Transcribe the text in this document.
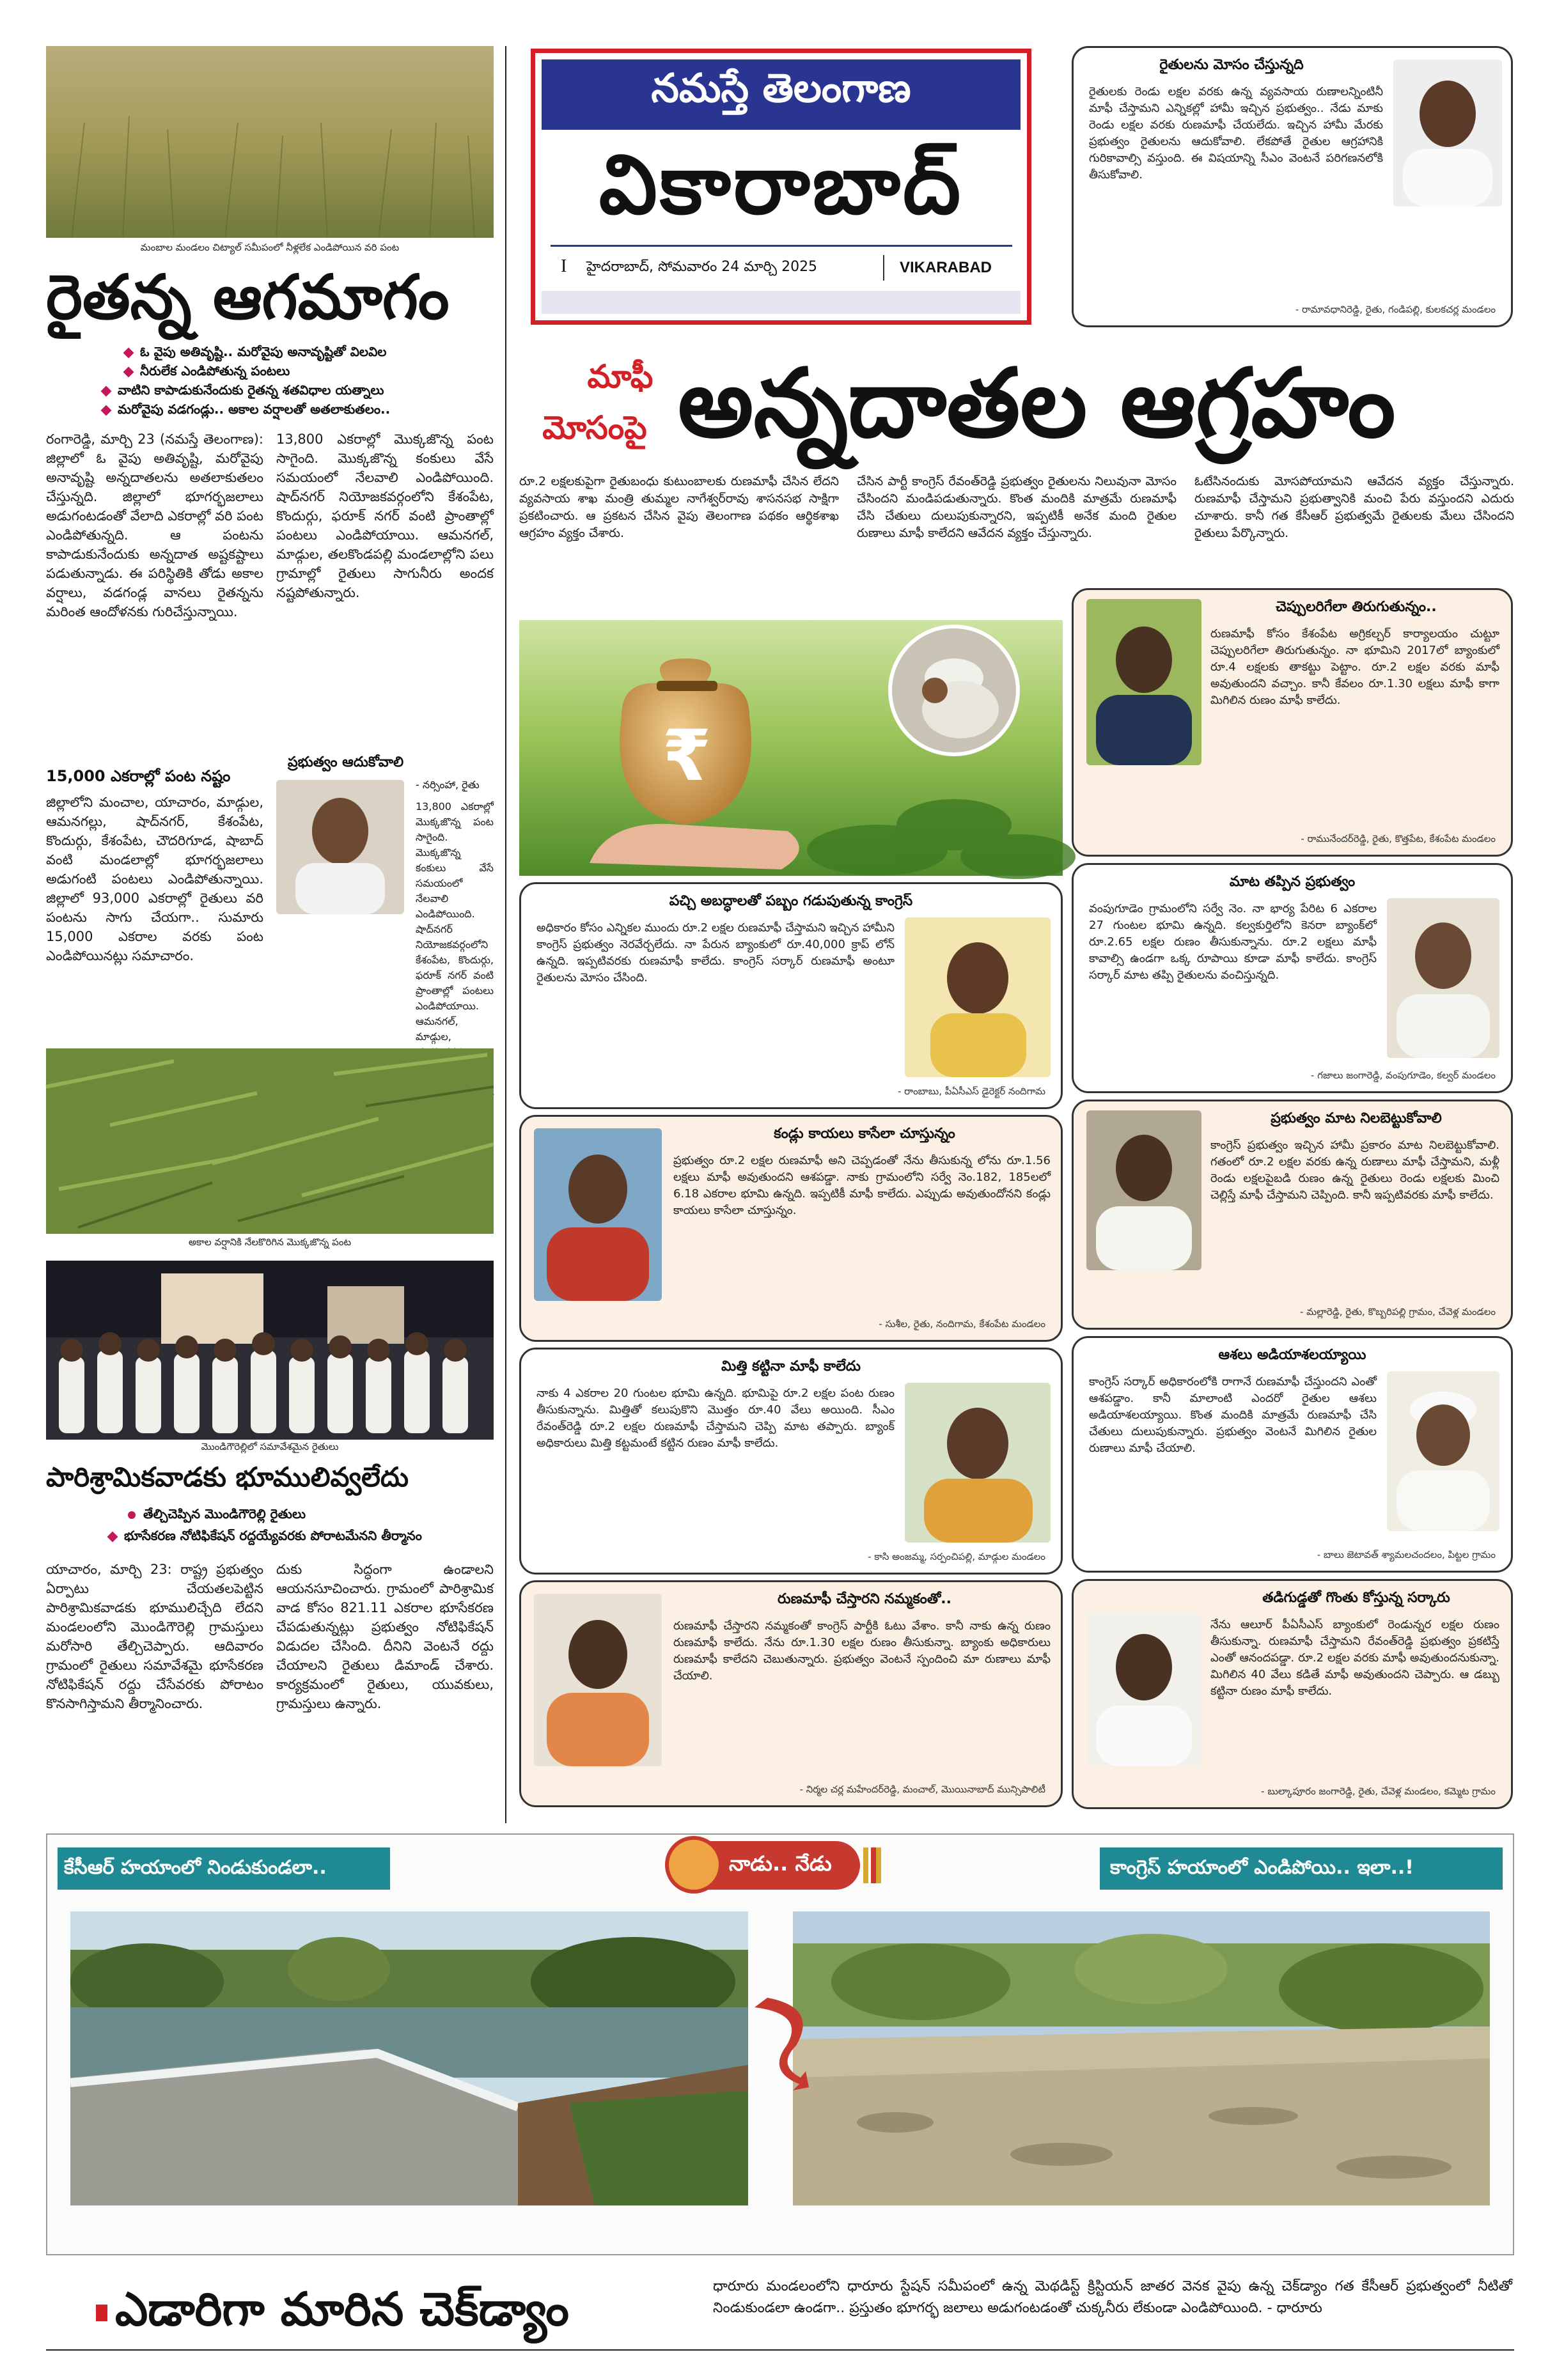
మంబాల మండలం చిట్యాల్ సమీపంలో నీళ్లలేక ఎండిపోయిన వరి పంట
రైతన్న ఆగమాగం
ఓ వైపు అతివృష్టి.. మరోవైపు అనావృష్టితో విలవిల
నీరులేక ఎండిపోతున్న పంటలు
వాటిని కాపాడుకునేందుకు రైతన్న శతవిధాల యత్నాలు
మరోవైపు వడగండ్లు.. అకాల వర్షాలతో అతలాకుతలం..
రంగారెడ్డి, మార్చి 23 (నమస్తే తెలంగాణ): జిల్లాలో ఓ వైపు అతివృష్టి, మరోవైపు అనావృష్టి అన్నదాతలను అతలాకుతలం చేస్తున్నది. జిల్లాలో భూగర్భజలాలు అడుగంటడంతో వేలాది ఎకరాల్లో వరి పంట ఎండిపోతున్నది. ఆ పంటను కాపాడుకునేందుకు అన్నదాత అష్టకష్టాలు పడుతున్నాడు. ఈ పరిస్థితికి తోడు అకాల వర్షాలు, వడగండ్ల వానలు రైతన్నను మరింత ఆందోళనకు గురిచేస్తున్నాయి.
15,000 ఎకరాల్లో పంట నష్టం
జిల్లాలోని మంచాల, యాచారం, మాడ్గుల, ఆమనగల్లు, షాద్‌నగర్, కేశంపేట, కొందుర్గు, కేశంపేట, చౌదరిగూడ, షాబాద్ వంటి మండలాల్లో భూగర్భజలాలు అడుగంటి పంటలు ఎండిపోతున్నాయి. జిల్లాలో 93,000 ఎకరాల్లో రైతులు వరి పంటను సాగు చేయగా.. సుమారు 15,000 ఎకరాల వరకు పంట ఎండిపోయినట్లు సమాచారం.
13,800 ఎకరాల్లో మొక్కజొన్న పంట సాగైంది. మొక్కజొన్న కంకులు వేసే సమయంలో నేలవాలి ఎండిపోయింది. షాద్‌నగర్ నియోజకవర్గంలోని కేశంపేట, కొందుర్గు, ఫరూక్ నగర్ వంటి ప్రాంతాల్లో పంటలు ఎండిపోయాయి. ఆమనగల్, మాడ్గుల, తలకొండపల్లి మండలాల్లోని పలు గ్రామాల్లో రైతులు సాగునీరు అందక నష్టపోతున్నారు.
ప్రభుత్వం ఆదుకోవాలి
- నర్సింహా, రైతు
13,800 ఎకరాల్లో మొక్కజొన్న పంట సాగైంది. మొక్కజొన్న కంకులు వేసే సమయంలో నేలవాలి ఎండిపోయింది. షాద్‌నగర్ నియోజకవర్గంలోని కేశంపేట, కొందుర్గు, ఫరూక్ నగర్ వంటి ప్రాంతాల్లో పంటలు ఎండిపోయాయి. ఆమనగల్, మాడ్గుల,
అకాల వర్షానికి నేలకొరిగిన మొక్కజొన్న పంట
మొండిగౌరెల్లిలో సమావేశమైన రైతులు
పారిశ్రామికవాడకు భూములివ్వలేదు
తేల్చిచెప్పిన మొండిగౌరెల్లి రైతులు
భూసేకరణ నోటిఫికేషన్ రద్దయ్యేవరకు పోరాటమేనని తీర్మానం
యాచారం, మార్చి 23: రాష్ట్ర ప్రభుత్వం ఏర్పాటు చేయతలపెట్టిన పారిశ్రామికవాడకు భూములిచ్చేది లేదని మండలంలోని మొండిగౌరెల్లి గ్రామస్తులు మరోసారి తేల్చిచెప్పారు. ఆదివారం గ్రామంలో రైతులు సమావేశమై భూసేకరణ నోటిఫికేషన్ రద్దు చేసేవరకు పోరాటం కొనసాగిస్తామని తీర్మానించారు.
దుకు సిద్ధంగా ఉండాలని ఆయనసూచించారు. గ్రామంలో పారిశ్రామిక వాడ కోసం 821.11 ఎకరాల భూసేకరణ చేపడుతున్నట్లు ప్రభుత్వం నోటిఫికేషన్ విడుదల చేసింది. దీనిని వెంటనే రద్దు చేయాలని రైతులు డిమాండ్ చేశారు. కార్యక్రమంలో రైతులు, యువకులు, గ్రామస్తులు ఉన్నారు.
నమస్తే తెలంగాణ
వికారాబాద్
I హైదరాబాద్, సోమవారం 24 మార్చి 2025	VIKARABAD
మాఫీ
మోసంపై అన్నదాతల ఆగ్రహం
రూ.2 లక్షలకుపైగా రైతుబంధు కుటుంబాలకు రుణమాఫీ చేసిన లేదని వ్యవసాయ శాఖ మంత్రి తుమ్మల నాగేశ్వర్‌రావు శాసనసభ సాక్షిగా ప్రకటించారు. ఆ ప్రకటన చేసిన వైపు తెలంగాణ పథకం ఆర్థికశాఖ ఆగ్రహం వ్యక్తం చేశారు.
చేసిన పార్టీ కాంగ్రెస్ రేవంత్‌రెడ్డి ప్రభుత్వం రైతులను నిలువునా మోసం చేసిందని మండిపడుతున్నారు. కొంత మందికి మాత్రమే రుణమాఫీ చేసి చేతులు దులుపుకున్నారని, ఇప్పటికీ అనేక మంది రైతుల రుణాలు మాఫీ కాలేదని ఆవేదన వ్యక్తం చేస్తున్నారు.
ఓటేసినందుకు మోసపోయామని ఆవేదన వ్యక్తం చేస్తున్నారు. రుణమాఫీ చేస్తామని ప్రభుత్వానికి మంచి పేరు వస్తుందని ఎదురు చూశారు. కానీ గత కేసీఆర్ ప్రభుత్వమే రైతులకు మేలు చేసిందని రైతులు పేర్కొన్నారు.
₹
పచ్చి అబద్ధాలతో పబ్బం గడుపుతున్న కాంగ్రెస్
అధికారం కోసం ఎన్నికల ముందు రూ.2 లక్షల రుణమాఫీ చేస్తామని ఇచ్చిన హామీని కాంగ్రెస్ ప్రభుత్వం నెరవేర్చలేదు. నా పేరున బ్యాంకులో రూ.40,000 క్రాప్ లోన్ ఉన్నది. ఇప్పటివరకు రుణమాఫీ కాలేదు. కాంగ్రెస్ సర్కార్ రుణమాఫీ అంటూ రైతులను మోసం చేసింది.
- రాంబాబు, పీఏసీఎస్ డైరెక్టర్ నందిగామ
కండ్లు కాయలు కాసేలా చూస్తున్నం
ప్రభుత్వం రూ.2 లక్షల రుణమాఫీ అని చెప్పడంతో నేను తీసుకున్న లోను రూ.1.56 లక్షలు మాఫీ అవుతుందని ఆశపడ్డా. నాకు గ్రామంలోని సర్వే నెం.182, 185లలో 6.18 ఎకరాల భూమి ఉన్నది. ఇప్పటికీ మాఫీ కాలేదు. ఎప్పుడు అవుతుందోనని కండ్లు కాయలు కాసేలా చూస్తున్నం.
- సుశీల, రైతు, నందిగామ, కేశంపేట మండలం
మిత్తి కట్టినా మాఫీ కాలేదు
నాకు 4 ఎకరాల 20 గుంటల భూమి ఉన్నది. భూమిపై రూ.2 లక్షల పంట రుణం తీసుకున్నాను. మిత్తితో కలుపుకొని మొత్తం రూ.40 వేలు అయింది. సీఎం రేవంత్‌రెడ్డి రూ.2 లక్షల రుణమాఫీ చేస్తామని చెప్పి మాట తప్పారు. బ్యాంక్ అధికారులు మిత్తి కట్టమంటే కట్టిన రుణం మాఫీ కాలేదు.
- కాసి అంజమ్మ, సర్పంచిపల్లి, మాడ్గుల మండలం
రుణమాఫీ చేస్తారని నమ్మకంతో..
రుణమాఫీ చేస్తారని నమ్మకంతో కాంగ్రెస్ పార్టీకి ఓటు వేశాం. కానీ నాకు ఉన్న రుణం రుణమాఫీ కాలేదు. నేను రూ.1.30 లక్షల రుణం తీసుకున్నా. బ్యాంకు అధికారులు రుణమాఫీ కాలేదని చెబుతున్నారు. ప్రభుత్వం వెంటనే స్పందించి మా రుణాలు మాఫీ చేయాలి.
- నిర్మల చర్ల మహేందర్‌రెడ్డి, మంచాల్, మొయినాబాద్ మున్సిపాలిటీ
రైతులను మోసం చేస్తున్నది
రైతులకు రెండు లక్షల వరకు ఉన్న వ్యవసాయ రుణాలన్నింటినీ మాఫీ చేస్తామని ఎన్నికల్లో హామీ ఇచ్చిన ప్రభుత్వం.. నేడు మాకు రెండు లక్షల వరకు రుణమాఫీ చేయలేదు. ఇచ్చిన హామీ మేరకు ప్రభుత్వం రైతులను ఆదుకోవాలి. లేకపోతే రైతుల ఆగ్రహానికి గురికావాల్సి వస్తుంది. ఈ విషయాన్ని సీఎం వెంటనే పరిగణనలోకి తీసుకోవాలి.
- రామావధానిరెడ్డి, రైతు, గండిపల్లి, కులకచర్ల మండలం
చెప్పులరిగేలా తిరుగుతున్నం..
రుణమాఫీ కోసం కేశంపేట అగ్రికల్చర్ కార్యాలయం చుట్టూ చెప్పులరిగేలా తిరుగుతున్నం. నా భూమిని 2017లో బ్యాంకులో రూ.4 లక్షలకు తాకట్టు పెట్టాం. రూ.2 లక్షల వరకు మాఫీ అవుతుందని వచ్చాం. కానీ కేవలం రూ.1.30 లక్షలు మాఫీ కాగా మిగిలిన రుణం మాఫీ కాలేదు.
- రామునేందర్‌రెడ్డి, రైతు, కొత్తపేట, కేశంపేట మండలం
మాట తప్పిన ప్రభుత్వం
వంపుగూడెం గ్రామంలోని సర్వే నెం. నా భార్య పేరిట 6 ఎకరాల 27 గుంటల భూమి ఉన్నది. కల్వకుర్తిలోని కెనరా బ్యాంక్‌లో రూ.2.65 లక్షల రుణం తీసుకున్నాను. రూ.2 లక్షలు మాఫీ కావాల్సి ఉండగా ఒక్క రూపాయి కూడా మాఫీ కాలేదు. కాంగ్రెస్ సర్కార్ మాట తప్పి రైతులను వంచిస్తున్నది.
- గజాలు జంగారెడ్డి, వంపుగూడెం, కల్వర్ మండలం
ప్రభుత్వం మాట నిలబెట్టుకోవాలి
కాంగ్రెస్ ప్రభుత్వం ఇచ్చిన హామీ ప్రకారం మాట నిలబెట్టుకోవాలి. గతంలో రూ.2 లక్షల వరకు ఉన్న రుణాలు మాఫీ చేస్తామని, మళ్లీ రెండు లక్షలపైబడి రుణం ఉన్న రైతులు రెండు లక్షలకు మించి చెల్లిస్తే మాఫీ చేస్తామని చెప్పింది. కానీ ఇప్పటివరకు మాఫీ కాలేదు.
- మల్లారెడ్డి, రైతు, కొబ్బరిపల్లి గ్రామం, చేవెళ్ల మండలం
ఆశలు అడియాశలయ్యాయి
కాంగ్రెస్ సర్కార్ అధికారంలోకి రాగానే రుణమాఫీ చేస్తుందని ఎంతో ఆశపడ్డాం. కానీ మాలాంటి ఎందరో రైతుల ఆశలు అడియాశలయ్యాయి. కొంత మందికి మాత్రమే రుణమాఫీ చేసి చేతులు దులుపుకున్నారు. ప్రభుత్వం వెంటనే మిగిలిన రైతుల రుణాలు మాఫీ చేయాలి.
- బాలు జెటావత్ శ్యామలచందలం, పిట్టల గ్రామం
తడిగుడ్డతో గొంతు కోస్తున్న సర్కారు
నేను ఆలూర్ పీఏసీఎస్ బ్యాంకులో రెండున్నర లక్షల రుణం తీసుకున్నా. రుణమాఫీ చేస్తామని రేవంత్‌రెడ్డి ప్రభుత్వం ప్రకటిస్తే ఎంతో ఆనందపడ్డా. రూ.2 లక్షల వరకు మాఫీ అవుతుందనుకున్నా. మిగిలిన 40 వేలు కడితే మాఫీ అవుతుందని చెప్పారు. ఆ డబ్బు కట్టినా రుణం మాఫీ కాలేదు.
- బుల్కాపూరం జంగారెడ్డి, రైతు, చేవెళ్ల మండలం, కమ్మెట గ్రామం
కేసీఆర్ హయాంలో నిండుకుండలా..	నాడు.. నేడు	కాంగ్రెస్ హయాంలో ఎండిపోయి.. ఇలా..!
ఎడారిగా మారిన చెక్‌డ్యాం	ధారూరు మండలంలోని ధారూరు స్టేషన్ సమీపంలో ఉన్న మెథడిస్ట్ క్రిస్టియన్ జాతర వెనక వైపు ఉన్న చెక్‌డ్యాం గత కేసీఆర్ ప్రభుత్వంలో నీటితో నిండుకుండలా ఉండగా.. ప్రస్తుతం భూగర్భ జలాలు అడుగంటడంతో చుక్కనీరు లేకుండా ఎండిపోయింది. - ధారూరు
